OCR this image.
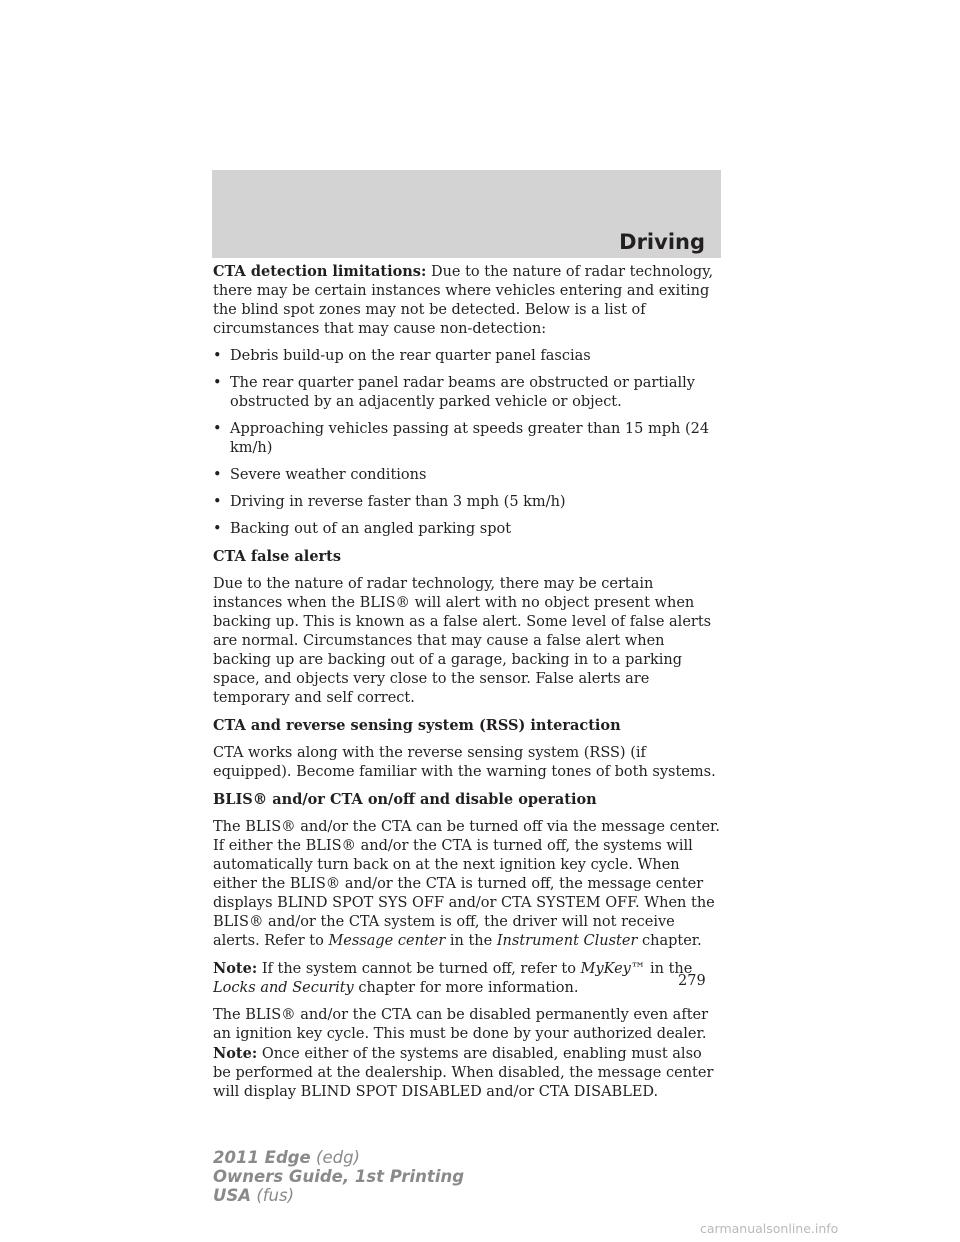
Driving

CTA detection limitations: Due to the nature of radar technology, there may be certain instances where vehicles entering and exiting the blind spot zones may not be detected. Below is a list of circumstances that may cause non-detection:

• Debris build-up on the rear quarter panel fascias
• The rear quarter panel radar beams are obstructed or partially obstructed by an adjacently parked vehicle or object.
• Approaching vehicles passing at speeds greater than 15 mph (24 km/h)
• Severe weather conditions
• Driving in reverse faster than 3 mph (5 km/h)
• Backing out of an angled parking spot

CTA false alerts

Due to the nature of radar technology, there may be certain instances when the BLIS® will alert with no object present when backing up. This is known as a false alert. Some level of false alerts are normal. Circumstances that may cause a false alert when backing up are backing out of a garage, backing in to a parking space, and objects very close to the sensor. False alerts are temporary and self correct.

CTA and reverse sensing system (RSS) interaction

CTA works along with the reverse sensing system (RSS) (if equipped). Become familiar with the warning tones of both systems.

BLIS® and/or CTA on/off and disable operation

The BLIS® and/or the CTA can be turned off via the message center. If either the BLIS® and/or the CTA is turned off, the systems will automatically turn back on at the next ignition key cycle. When either the BLIS® and/or the CTA is turned off, the message center displays BLIND SPOT SYS OFF and/or CTA SYSTEM OFF. When the BLIS® and/or the CTA system is off, the driver will not receive alerts. Refer to Message center in the Instrument Cluster chapter.

Note: If the system cannot be turned off, refer to MyKey™ in the Locks and Security chapter for more information.

The BLIS® and/or the CTA can be disabled permanently even after an ignition key cycle. This must be done by your authorized dealer. Note: Once either of the systems are disabled, enabling must also be performed at the dealership. When disabled, the message center will display BLIND SPOT DISABLED and/or CTA DISABLED.

279
2011 Edge (edg)
Owners Guide, 1st Printing
USA (fus)
carmanualsonline.info
